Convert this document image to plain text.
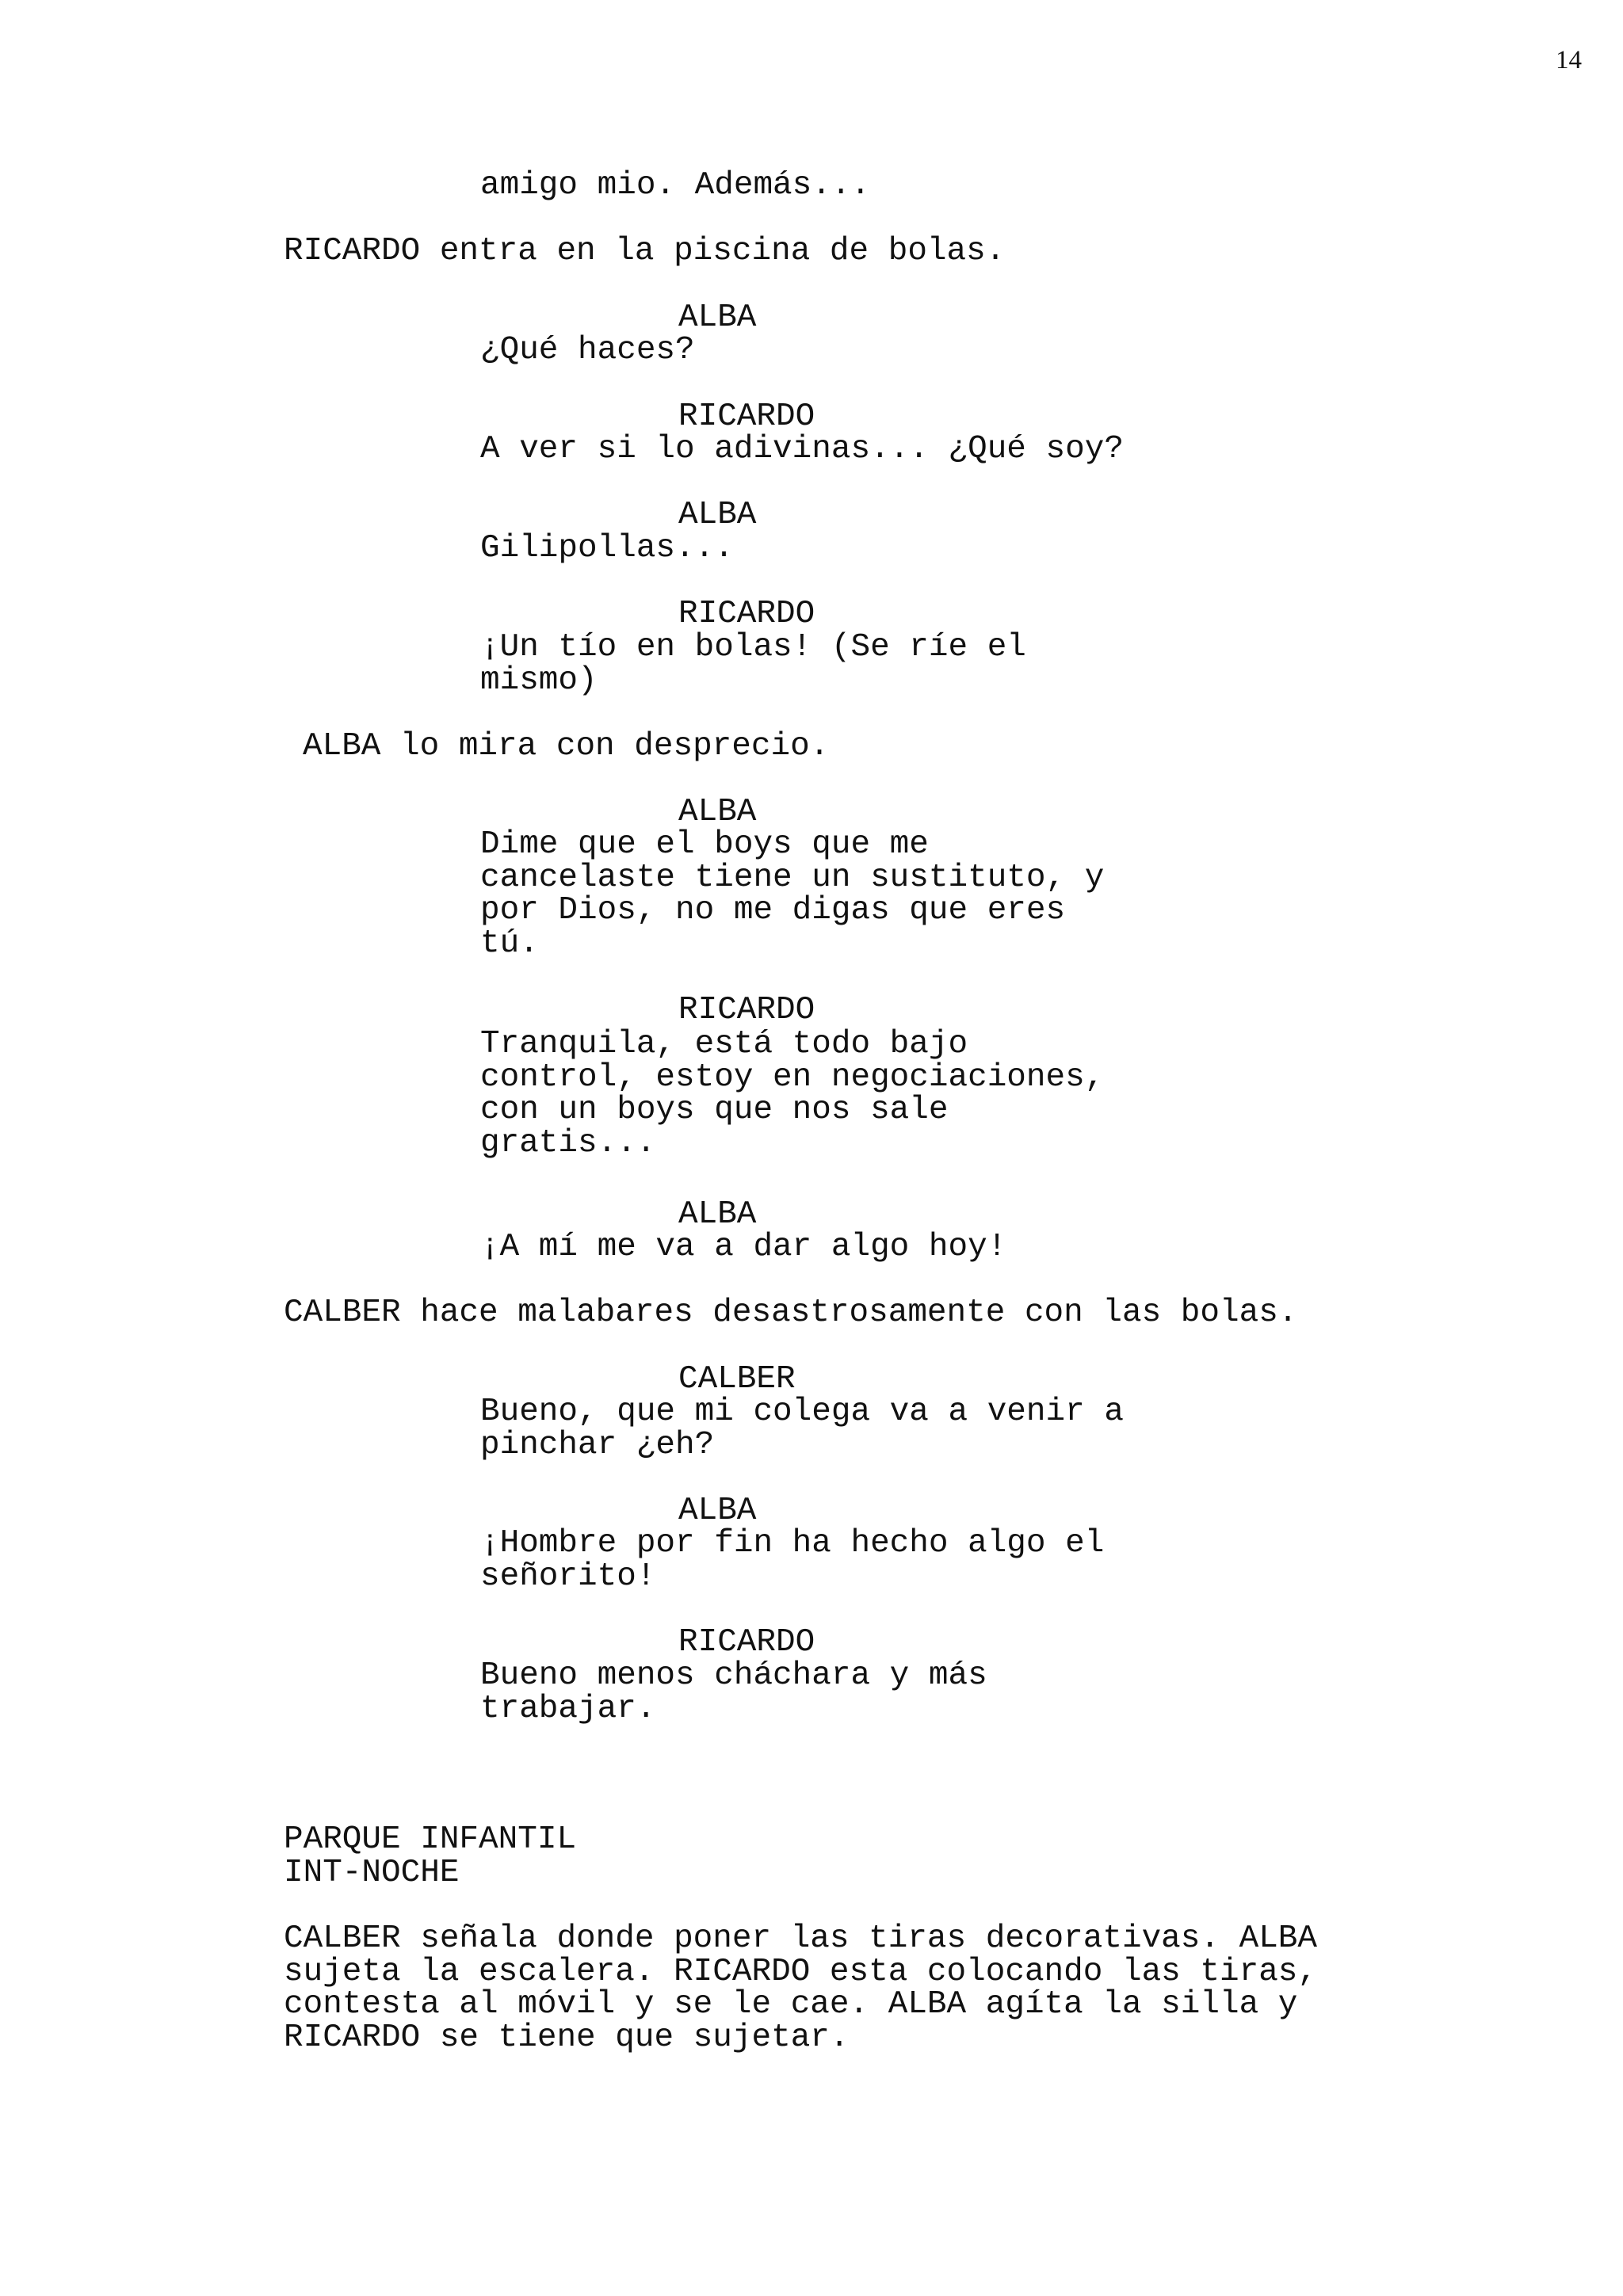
14

amigo mio. Además...

RICARDO entra en la piscina de bolas.

ALBA

¿Qué haces?

RICARDO

A ver si lo adivinas... ¿Qué soy?

ALBA

Gilipollas...

RICARDO

¡Un tío en bolas! (Se ríe el
mismo)

ALBA lo mira con desprecio.

ALBA

Dime que el boys que me
cancelaste tiene un sustituto, y
por Dios, no me digas que eres
tú.

RICARDO

Tranquila, está todo bajo
control, estoy en negociaciones,
con un boys que nos sale
gratis...

ALBA

¡A mí me va a dar algo hoy!

CALBER hace malabares desastrosamente con las bolas.

CALBER

Bueno, que mi colega va a venir a
pinchar ¿eh?

ALBA

¡Hombre por fin ha hecho algo el
señorito!

RICARDO

Bueno menos cháchara y más
trabajar.

PARQUE INFANTIL
INT-NOCHE

CALBER señala donde poner las tiras decorativas. ALBA
sujeta la escalera. RICARDO esta colocando las tiras,
contesta al móvil y se le cae. ALBA agíta la silla y
RICARDO se tiene que sujetar.
